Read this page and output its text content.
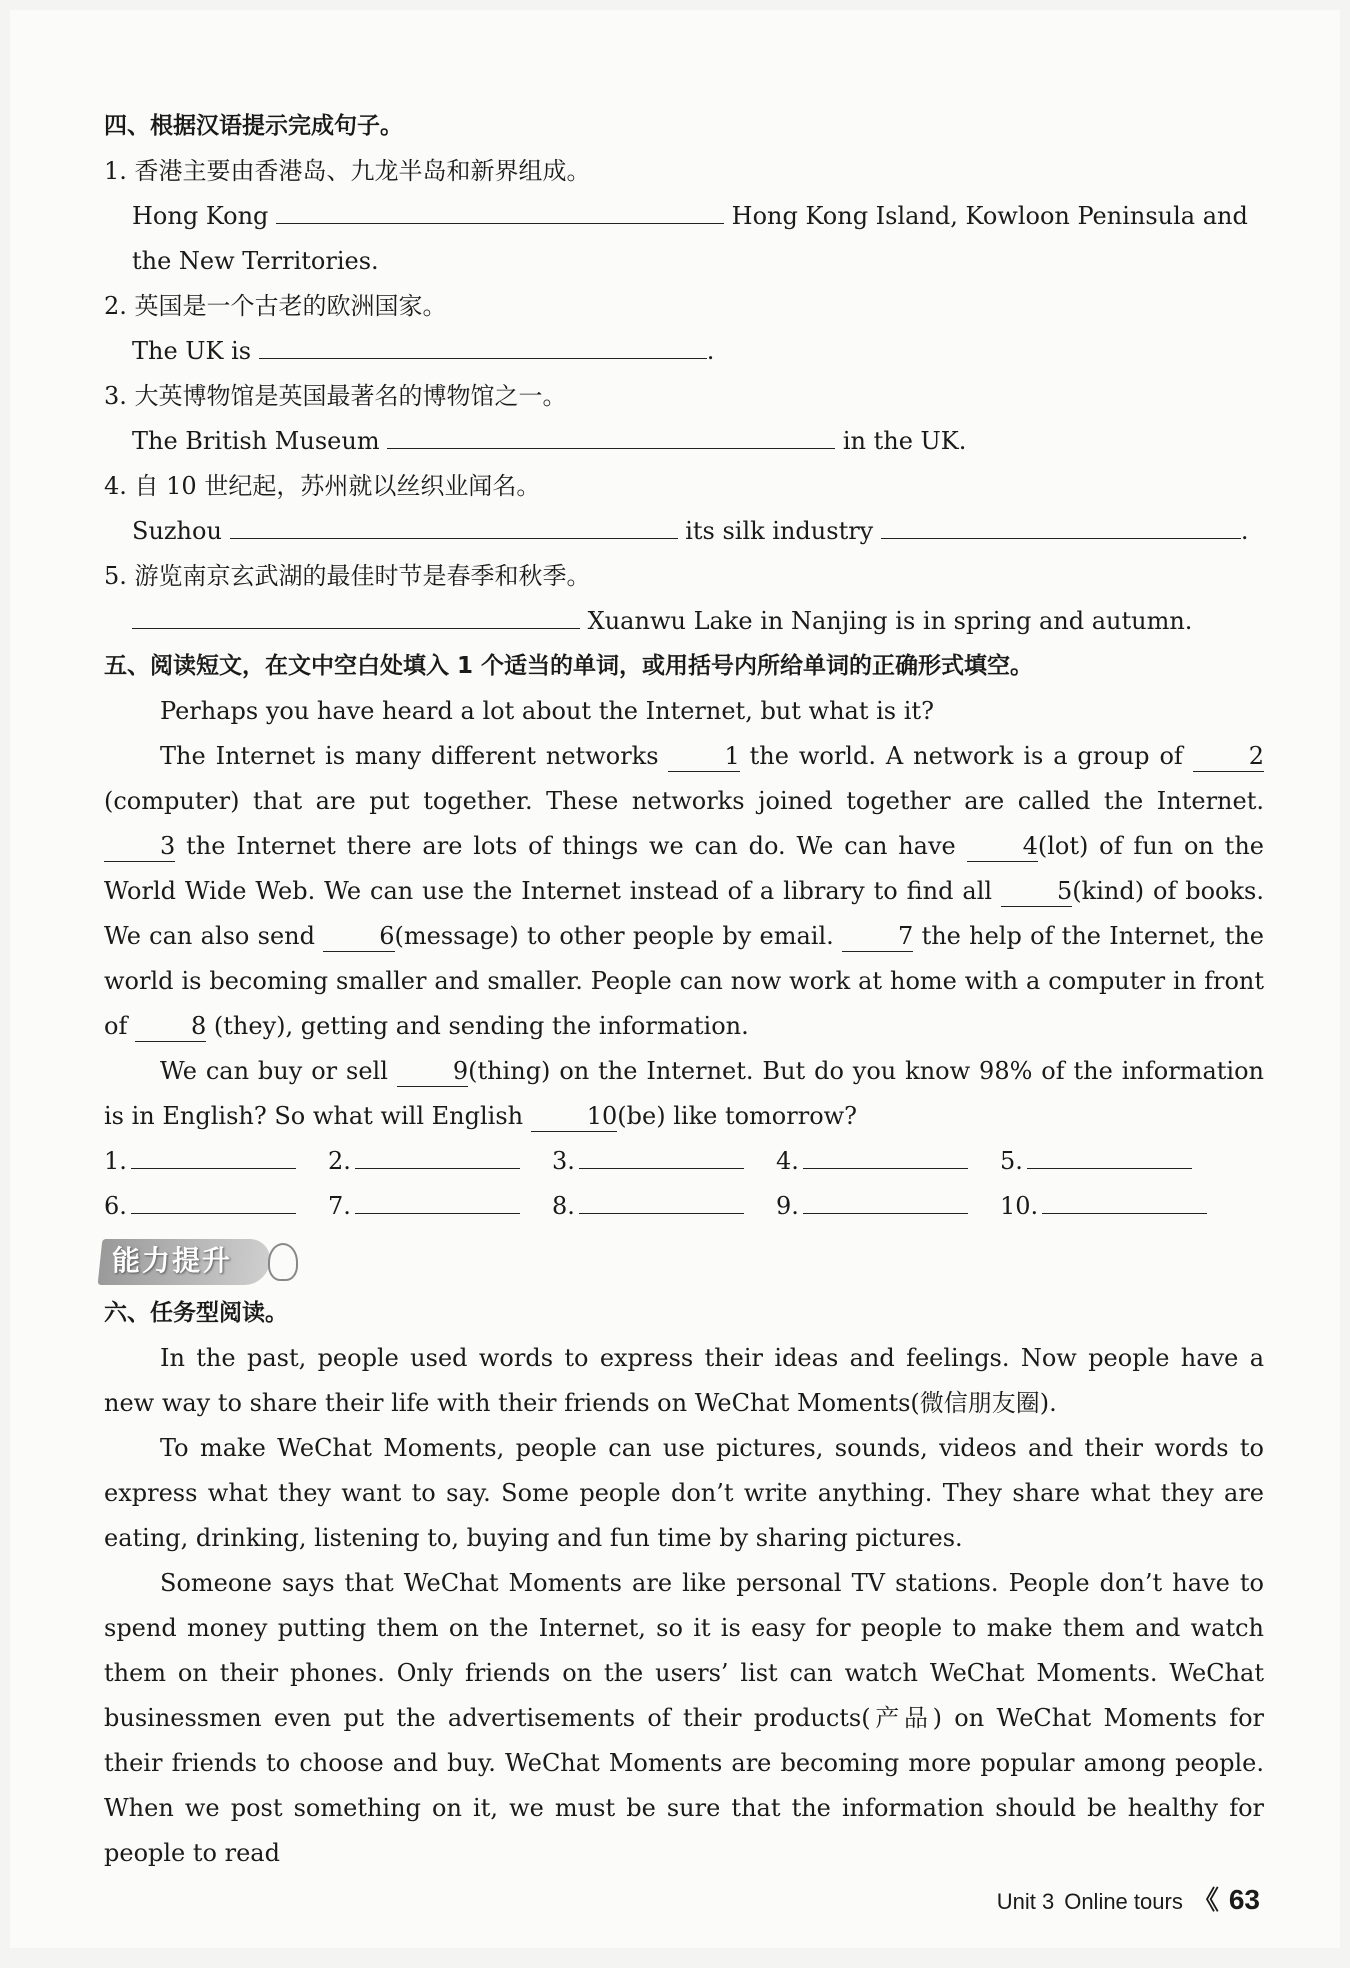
四、根据汉语提示完成句子。

1. 香港主要由香港岛、九龙半岛和新界组成。

Hong Kong	Hong Kong Island, Kowloon Peninsula and

the New Territories.

2. 英国是一个古老的欧洲国家。

The UK is	.

3. 大英博物馆是英国最著名的博物馆之一。

The British Museum	in the UK.

4. 自 10 世纪起，苏州就以丝织业闻名。

Suzhou	its silk industry	.

5. 游览南京玄武湖的最佳时节是春季和秋季。

Xuanwu Lake in Nanjing is in spring and autumn.

五、阅读短文，在文中空白处填入 1 个适当的单词，或用括号内所给单词的正确形式填空。

Perhaps you have heard a lot about the Internet, but what is it?

The Internet is many different networks	1 the world. A network is a group of	2 (computer) that are put together. These networks joined together are called the Internet. 3 the Internet there are lots of things we can do. We can have	4(lot) of fun on the World Wide Web. We can use the Internet instead of a library to find all	5(kind) of books. We can also send	6(message) to other people by email.	7 the help of the Internet, the world is becoming smaller and smaller. People can now work at home with a computer in front of	8 (they), getting and sending the information.

We can buy or sell	9(thing) on the Internet. But do you know 98% of the information is in English? So what will English	10(be) like tomorrow?

1.	2.	3.	4.	5.
6.	7.	8.	9.	10.
能力提升

六、任务型阅读。

In the past, people used words to express their ideas and feelings. Now people have a new way to share their life with their friends on WeChat Moments(微信朋友圈).

To make WeChat Moments, people can use pictures, sounds, videos and their words to express what they want to say. Some people don’t write anything. They share what they are eating, drinking, listening to, buying and fun time by sharing pictures.

Someone says that WeChat Moments are like personal TV stations. People don’t have to spend money putting them on the Internet, so it is easy for people to make them and watch them on their phones. Only friends on the users’ list can watch WeChat Moments. WeChat businessmen even put the advertisements of their products(产品) on WeChat Moments for their friends to choose and buy. WeChat Moments are becoming more popular among people. When we post something on it, we must be sure that the information should be healthy for people to read

Unit 3 Online tours 《 63
